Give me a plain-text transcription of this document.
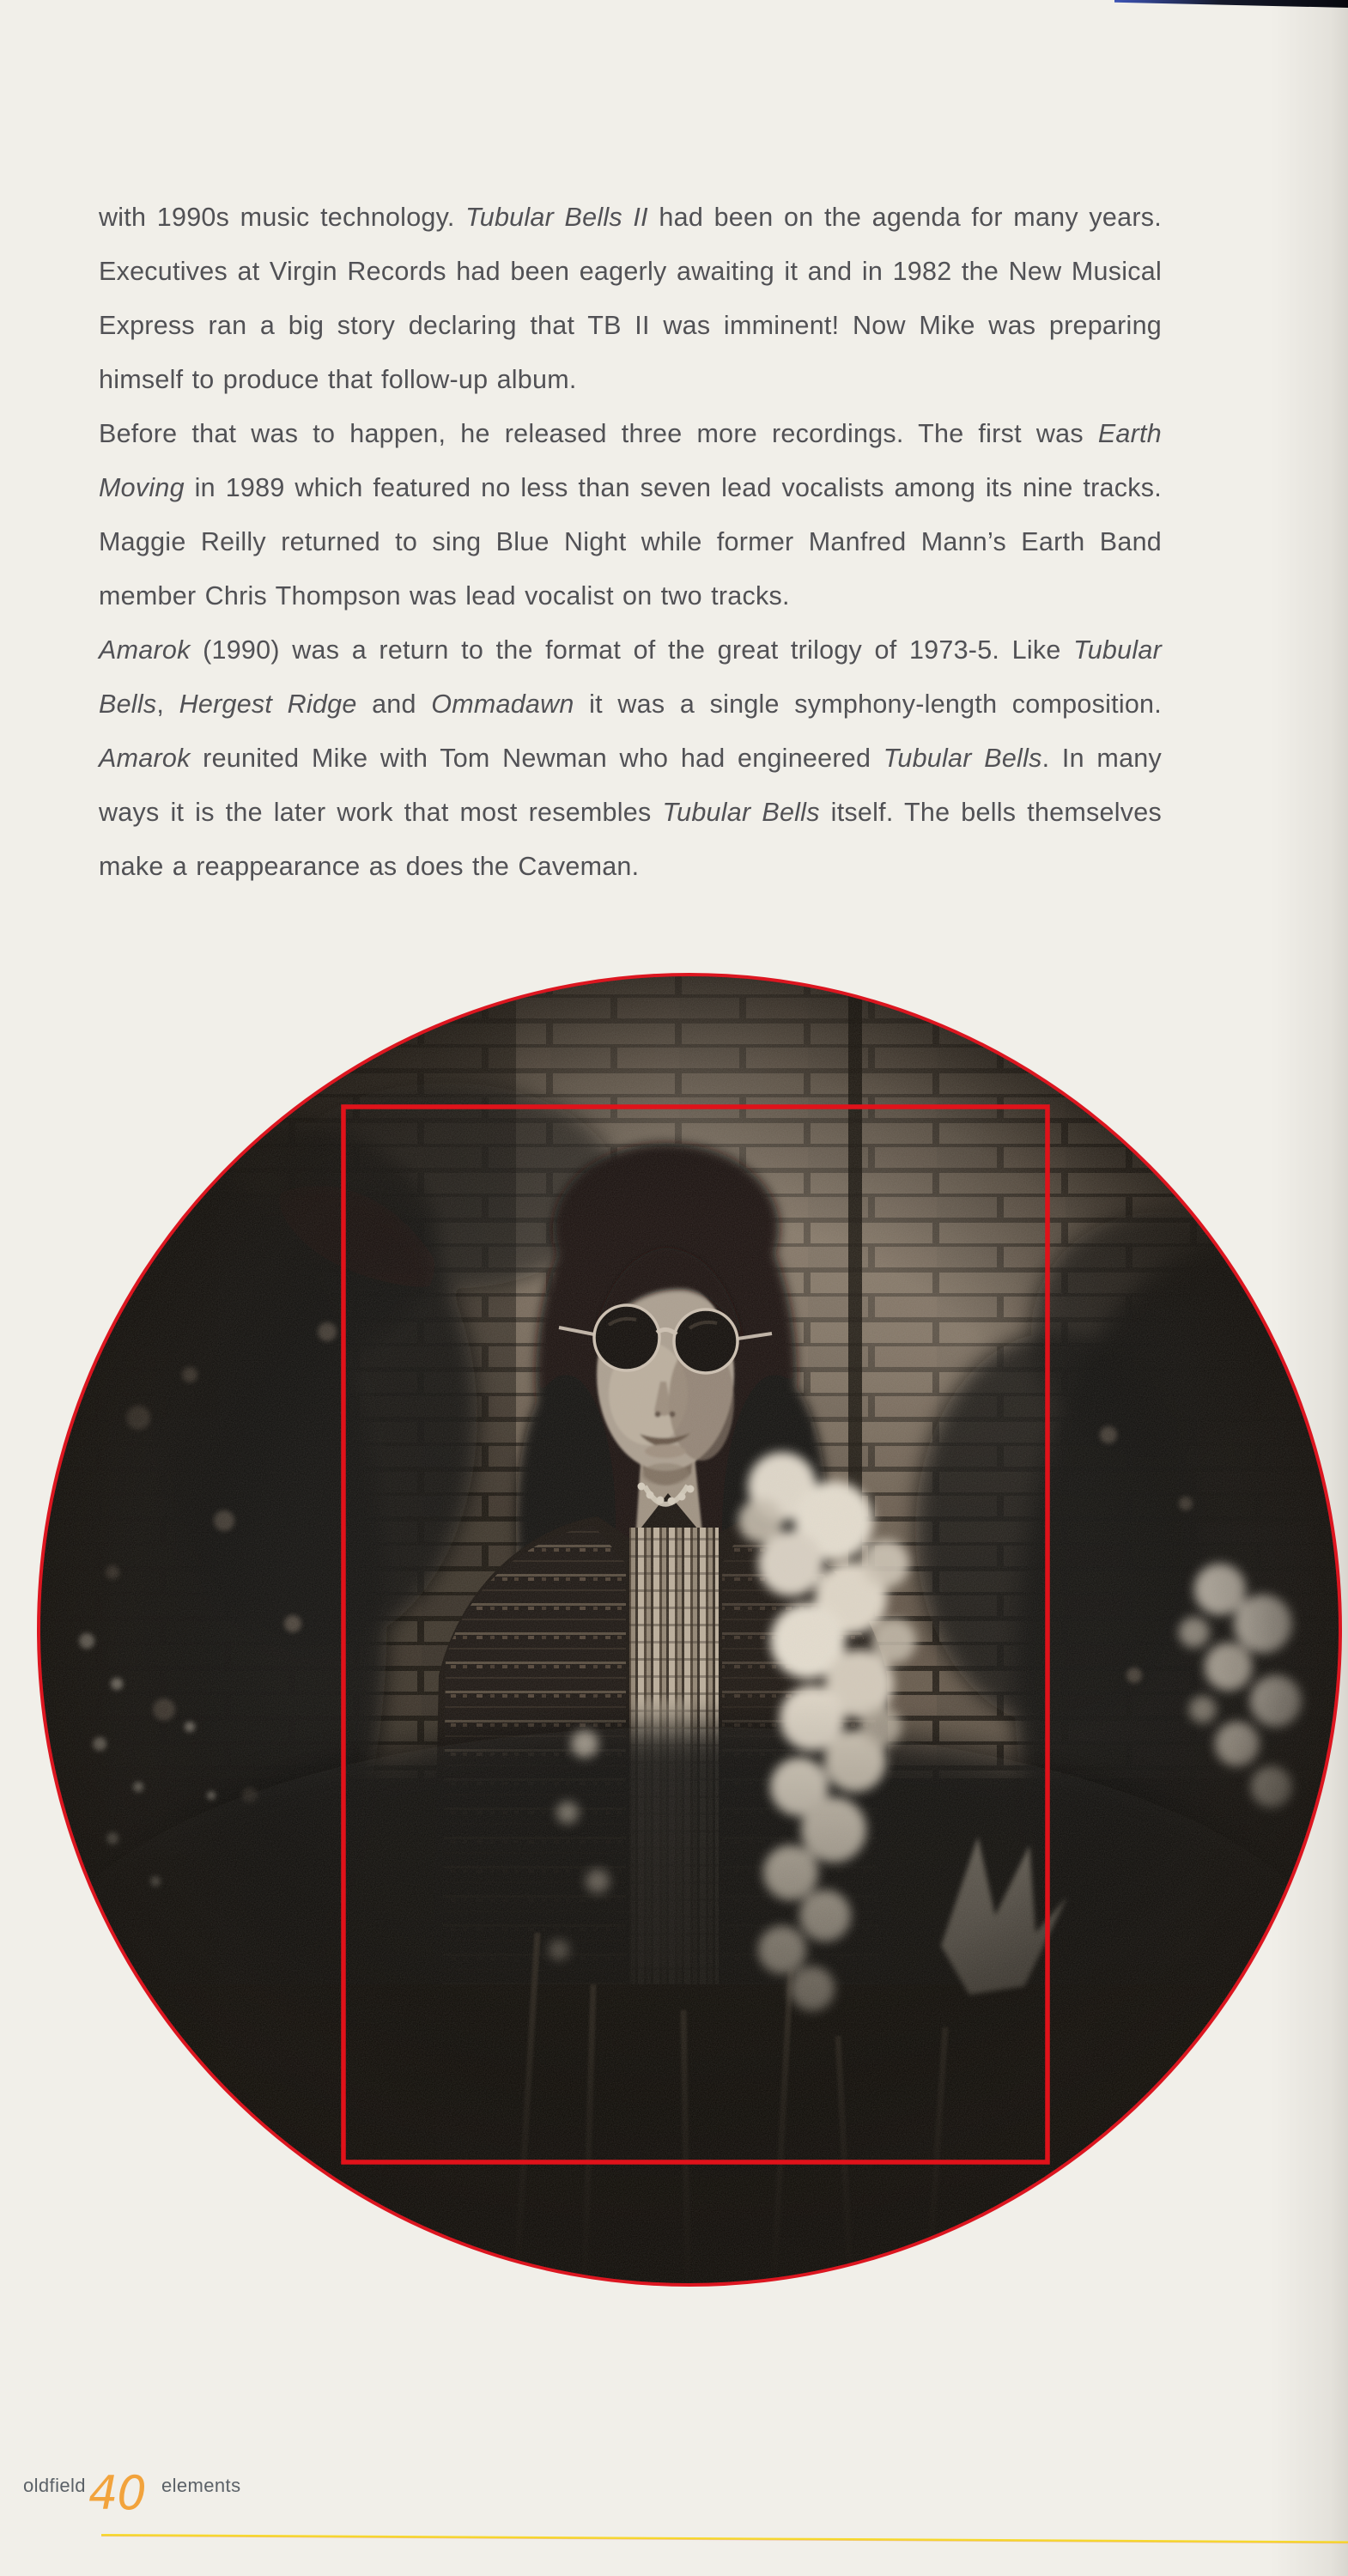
with 1990s music technology. Tubular Bells II had been on the agenda for many years. Executives at Virgin Records had been eagerly awaiting it and in 1982 the New Musical Express ran a big story declaring that TB II was imminent! Now Mike was preparing himself to produce that follow-up album.

Before that was to happen, he released three more recordings. The first was Earth Moving in 1989 which featured no less than seven lead vocalists among its nine tracks. Maggie Reilly returned to sing Blue Night while former Manfred Mann’s Earth Band member Chris Thompson was lead vocalist on two tracks.

Amarok (1990) was a return to the format of the great trilogy of 1973-5. Like Tubular Bells, Hergest Ridge and Ommadawn it was a single symphony-length composition. Amarok reunited Mike with Tom Newman who had engineered Tubular Bells. In many ways it is the later work that most resembles Tubular Bells itself. The bells themselves make a reappearance as does the Caveman.

oldfield 40 elements
